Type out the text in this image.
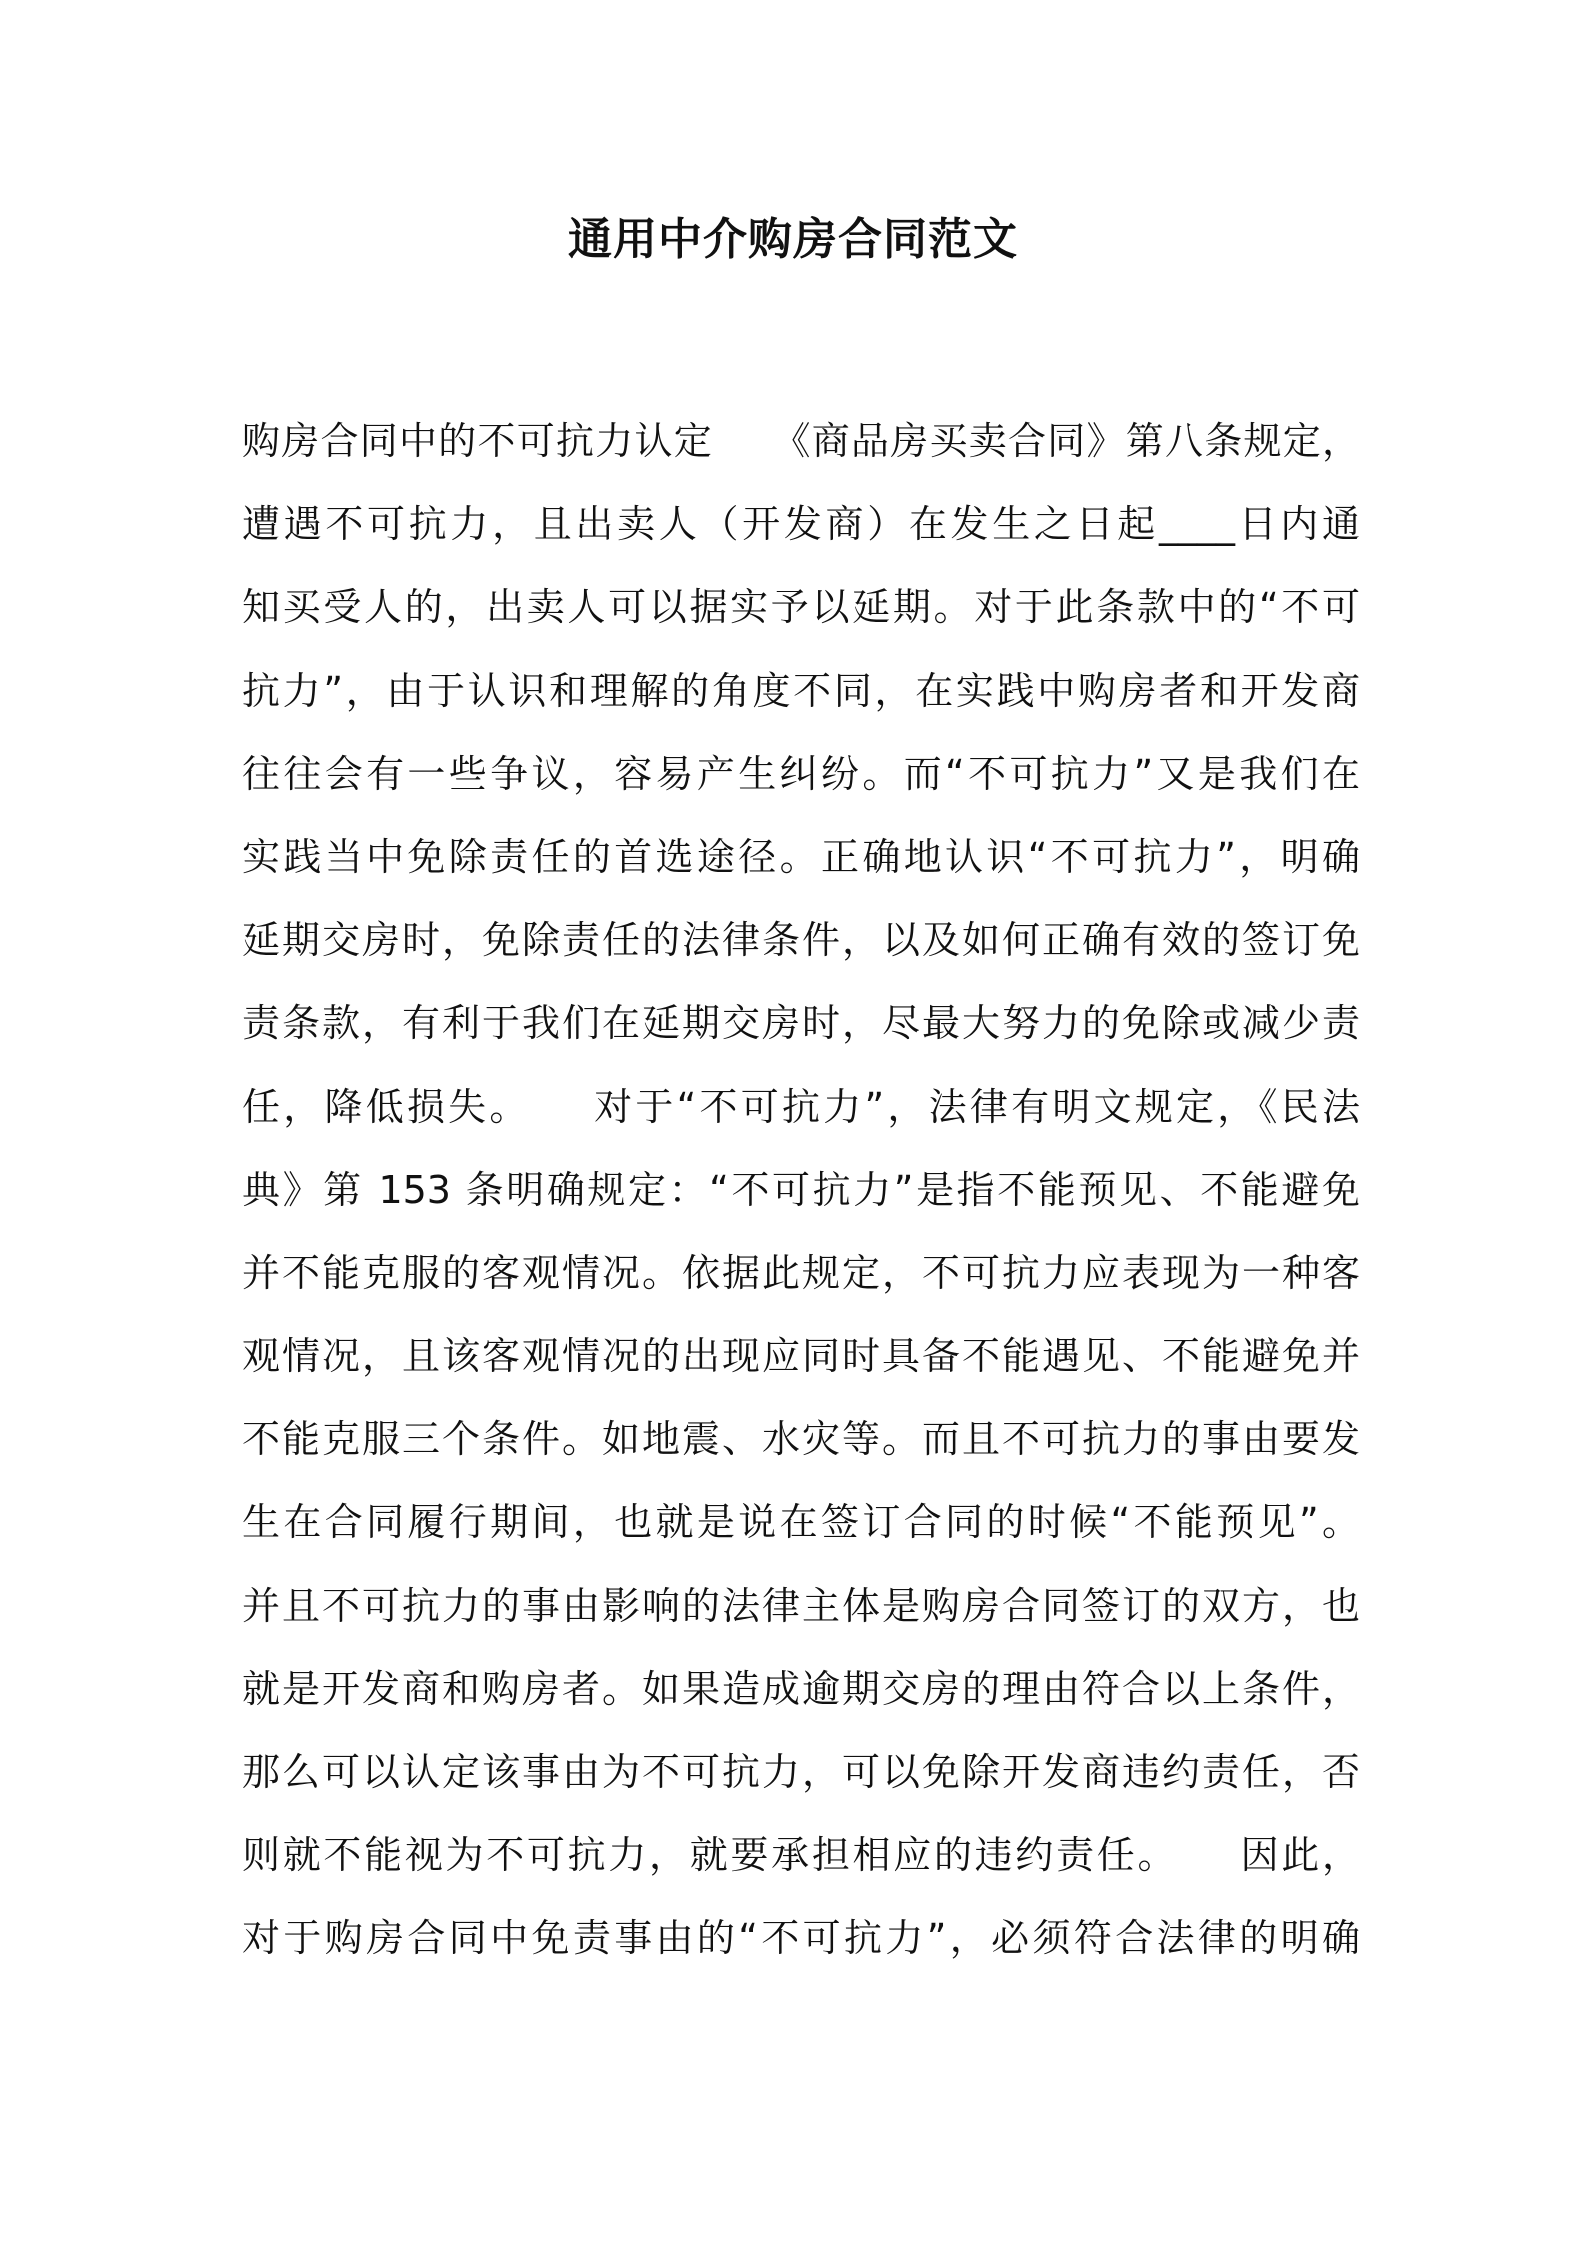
通用中介购房合同范文
购房合同中的不可抗力认定　　《商品房买卖合同》第八条规定，
遭遇不可抗力，且出卖人（开发商）在发生之日起____日内通
知买受人的，出卖人可以据实予以延期。对于此条款中的“不可
抗力”，由于认识和理解的角度不同，在实践中购房者和开发商
往往会有一些争议，容易产生纠纷。而“不可抗力”又是我们在
实践当中免除责任的首选途径。正确地认识“不可抗力”，明确
延期交房时，免除责任的法律条件，以及如何正确有效的签订免
责条款，有利于我们在延期交房时，尽最大努力的免除或减少责
任，降低损失。　　对于“不可抗力”，法律有明文规定，《民法
典》第 153 条明确规定：“不可抗力”是指不能预见、不能避免
并不能克服的客观情况。依据此规定，不可抗力应表现为一种客
观情况，且该客观情况的出现应同时具备不能遇见、不能避免并
不能克服三个条件。如地震、水灾等。而且不可抗力的事由要发
生在合同履行期间，也就是说在签订合同的时候“不能预见”。
并且不可抗力的事由影响的法律主体是购房合同签订的双方，也
就是开发商和购房者。如果造成逾期交房的理由符合以上条件，
那么可以认定该事由为不可抗力，可以免除开发商违约责任，否
则就不能视为不可抗力，就要承担相应的违约责任。　　因此，
对于购房合同中免责事由的“不可抗力”，必须符合法律的明确
